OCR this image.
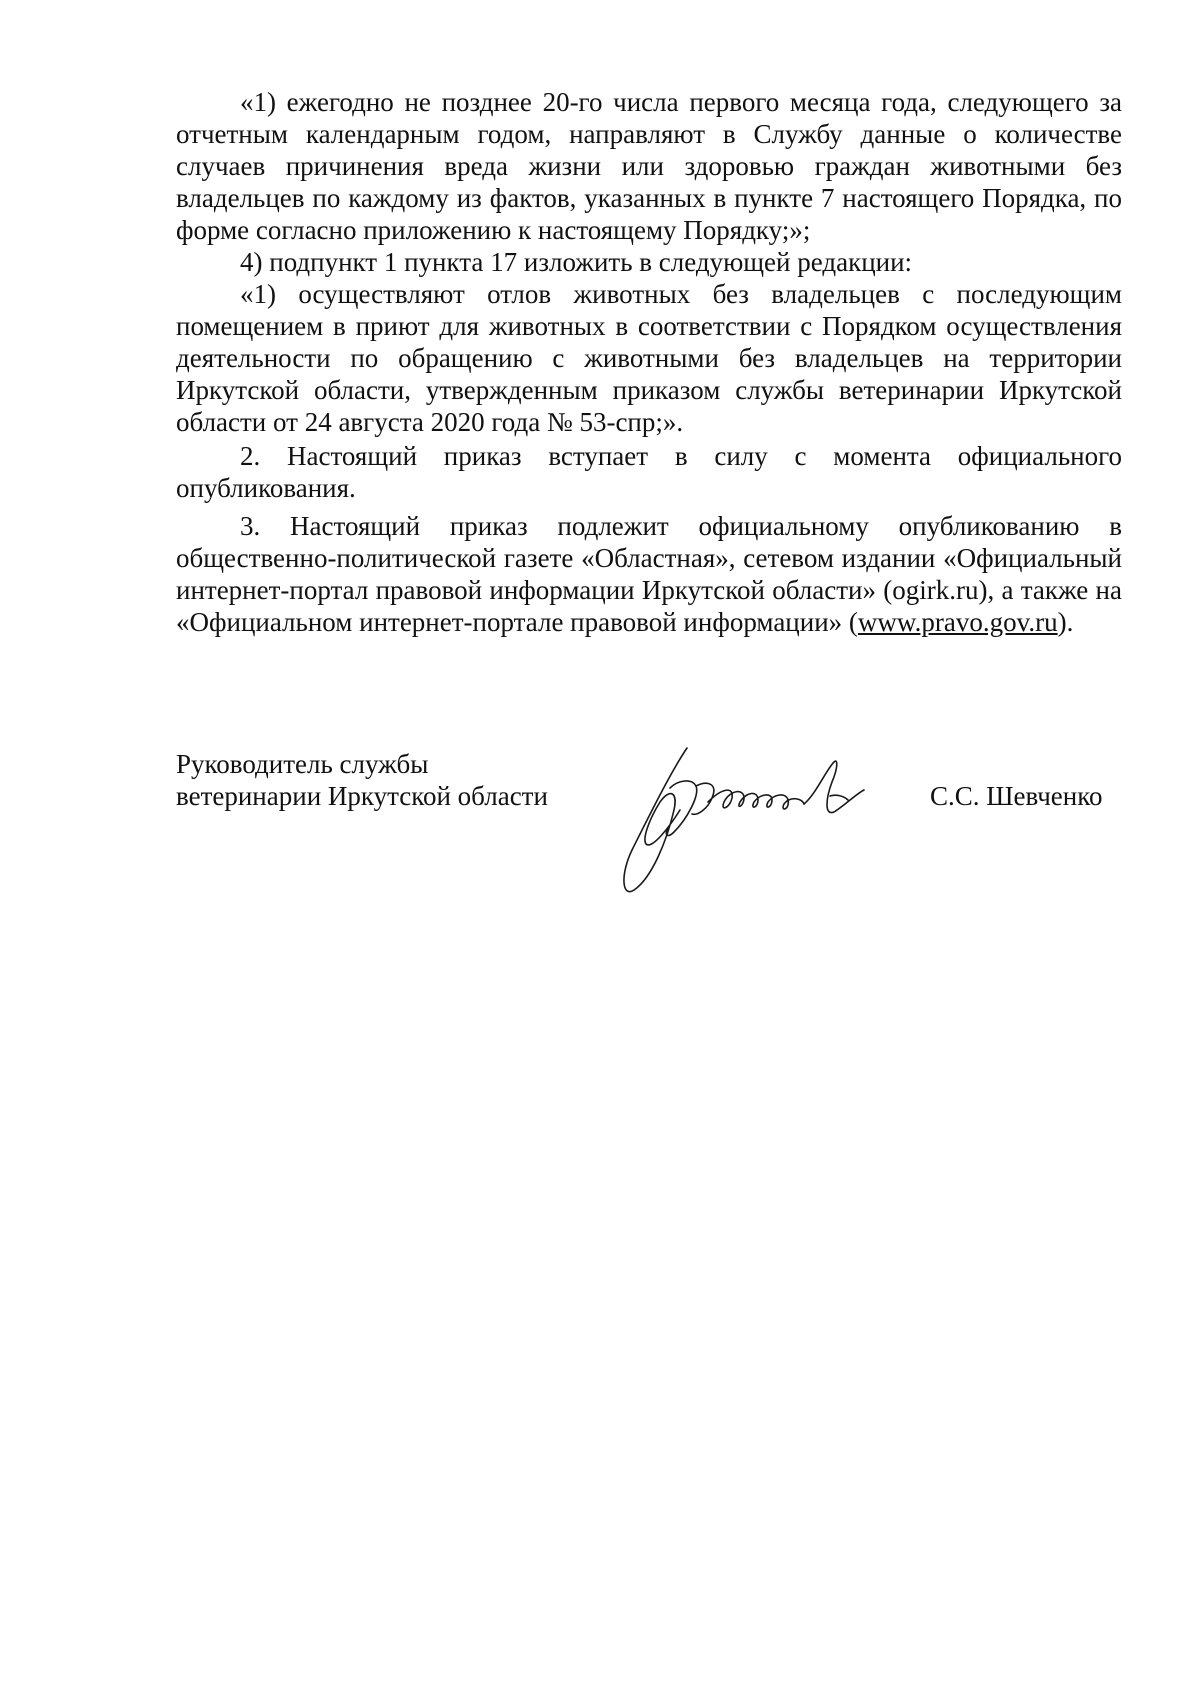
«1) ежегодно не позднее 20-го числа первого месяца года, следующего за отчетным календарным годом, направляют в Службу данные о количестве случаев причинения вреда жизни или здоровью граждан животными без владельцев по каждому из фактов, указанных в пункте 7 настоящего Порядка, по форме согласно приложению к настоящему Порядку;»;

4) подпункт 1 пункта 17 изложить в следующей редакции:

«1) осуществляют отлов животных без владельцев с последующим помещением в приют для животных в соответствии с Порядком осуществления деятельности по обращению с животными без владельцев на территории Иркутской области, утвержденным приказом службы ветеринарии Иркутской области от 24 августа 2020 года № 53-спр;».

2. Настоящий приказ вступает в силу с момента официального опубликования.

3. Настоящий приказ подлежит официальному опубликованию в общественно-политической газете «Областная», сетевом издании «Официальный интернет-портал правовой информации Иркутской области» (ogirk.ru), а также на «Официальном интернет-портале правовой информации» (www.pravo.gov.ru).

Руководитель службы
ветеринарии Иркутской области	С.С. Шевченко
